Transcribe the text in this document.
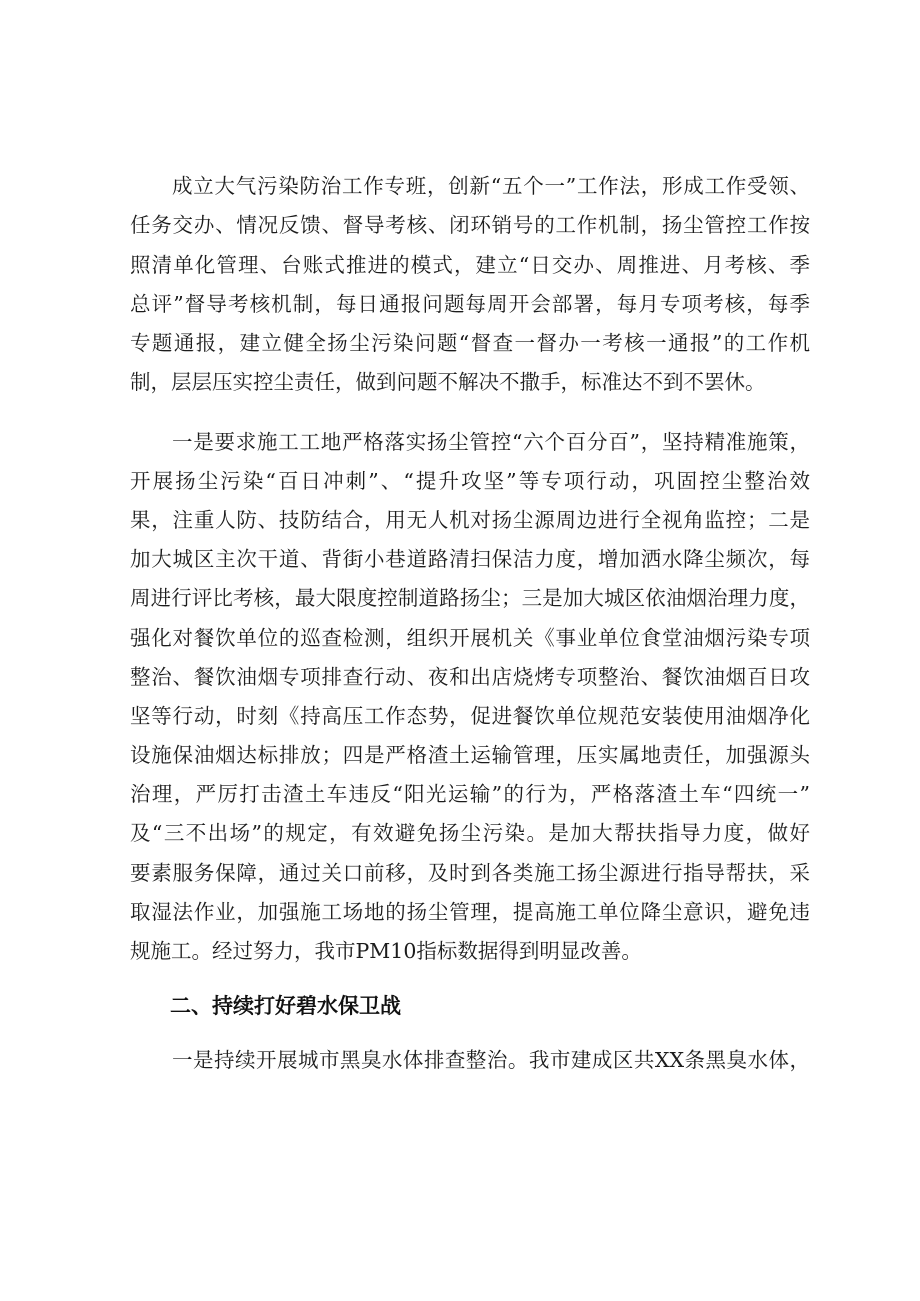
成立大气污染防治工作专班，创新“五个一”工作法，形成工作受领、
任务交办、情况反馈、督导考核、闭环销号的工作机制，扬尘管控工作按
照清单化管理、台账式推进的模式，建立“日交办、周推进、月考核、季
总评”督导考核机制，每日通报问题每周开会部署，每月专项考核，每季
专题通报，建立健全扬尘污染问题“督查一督办一考核一通报”的工作机
制，层层压实控尘责任，做到问题不解决不撒手，标准达不到不罢休。
一是要求施工工地严格落实扬尘管控“六个百分百”，坚持精准施策，
开展扬尘污染“百日冲刺”、“提升攻坚”等专项行动，巩固控尘整治效
果，注重人防、技防结合，用无人机对扬尘源周边进行全视角监控；二是
加大城区主次干道、背街小巷道路清扫保洁力度，增加洒水降尘频次，每
周进行评比考核，最大限度控制道路扬尘；三是加大城区依油烟治理力度，
强化对餐饮单位的巡查检测，组织开展机关《事业单位食堂油烟污染专项
整治、餐饮油烟专项排查行动、夜和出店烧烤专项整治、餐饮油烟百日攻
坚等行动，时刻《持高压工作态势，促进餐饮单位规范安装使用油烟净化
设施保油烟达标排放；四是严格渣土运输管理，压实属地责任，加强源头
治理，严厉打击渣土车违反“阳光运输”的行为，严格落渣土车“四统一”
及“三不出场”的规定，有效避免扬尘污染。是加大帮扶指导力度，做好
要素服务保障，通过关口前移，及时到各类施工扬尘源进行指导帮扶，采
取湿法作业，加强施工场地的扬尘管理，提高施工单位降尘意识，避免违
规施工。经过努力，我市PM10指标数据得到明显改善。
二、持续打好碧水保卫战
一是持续开展城市黑臭水体排查整治。我市建成区共XX条黑臭水体，
